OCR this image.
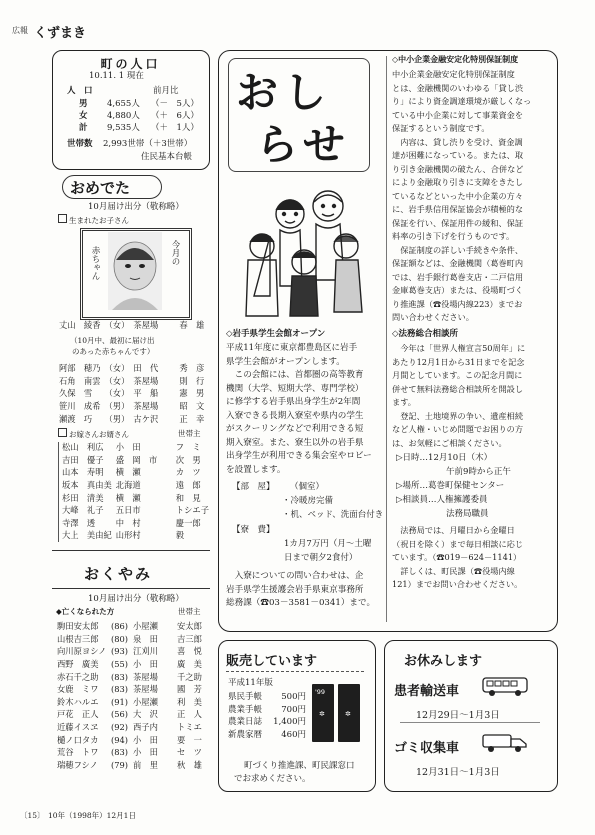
広報 くずまき
町の人口
10.11. 1 現在
前月比
人　口
男	4,655人	（－　5人）
女	4,880人	（＋　6人）
計	9,535人	（＋　1人）
世帯数 2,993世帯（＋3世帯）
住民基本台帳
おめでた
10月届け出分（敬称略）
生まれたお子さん
今月の
赤ちゃん
丈山　綾香	（女）	茶屋場	春　雄
（10月中、最初に届け出
のあった赤ちゃんです）
阿部　穂乃	（女）	田　代	秀　彦
石角　南雲	（女）	茶屋場	則　行
久保　雪	（女）	平　船	憲　男
笹川　成希	（男）	茶屋場	昭　文
瀬渡　巧	（男）	古ケ沢	正　幸
お嫁さんお婿さん	世帯主
松山　利広	小　田	フ　ミ
吉田　優子	盛　岡　市	次　男
山本　寿明	横　瀬	カ　ツ
坂本　真由美	北海道	遠　郎
杉田　清美	横　瀬	和　見
大峰　礼子	五日市	トシエ子
寺澤　透	中　村	慶一郎
大上　美由紀	山形村	毅
おくやみ
10月届け出分（敬称略）
◆亡くなられた方	世帯主
駒田安太郎	(86)	小屋瀬	安太郎
山根吉三郎	(80)	泉　田	吉三郎
向川原ヨシノ	(93)	江刈川	喜　悦
西野　廣美	(55)	小　田	廣　美
赤石千之助	(83)	茶屋場	千之助
女鹿　ミワ	(83)	茶屋場	國　芳
鈴木ハルエ	(91)	小屋瀬	利　美
戸花　正人	(56)	大　沢	正　人
近藤イスヱ	(92)	西子内	トミエ
樋ノ口タカ	(94)	小　田	要　一
荒谷　トワ	(83)	小　田	セ　ツ
瑞穂フシノ	(79)	前　里	秋　雄
おし
らせ
◇岩手県学生会館オープン
平成11年度に東京都豊島区に岩手
県学生会館がオープンします。
　この会館には、首都圏の高等教育
機関（大学、短期大学、専門学校）
に修学する岩手県出身学生が2年間
入寮できる長期入寮室や県内の学生
がスクーリングなどで利用できる短
期入寮室。また、寮生以外の岩手県
出身学生が利用できる集会室やロビー
を設置します。
【部　屋】 （個室）
・冷暖房完備
・机、ベッド、洗面台付き
【寮　費】
1カ月7万円（月～土曜
日まで朝夕2食付）
　入寮についての問い合わせは、企
岩手県学生援護会岩手県東京事務所
総務課（☎03－3581－0341）まで。
◇中小企業金融安定化特別保証制度
中小企業金融安定化特別保証制度
とは、金融機関のいわゆる「貸し渋
り」により資金調達環境が厳しくなっ
ている中小企業に対して事業資金を
保証するという制度です。
　内容は、貸し渋りを受け、資金調
達が困難になっている。または、取
り引き金融機関の破たん、合併など
により金融取り引きに支障をきたし
ているなどといった中小企業の方々
に、岩手県信用保証協会が積極的な
保証を行い、保証用件の緩和、保証
料率の引き下げを行うものです。
　保証制度の詳しい手続きや条件、
保証額などは、金融機関（葛巻町内
では、岩手銀行葛巻支店・二戸信用
金庫葛巻支店）または、役場町づく
り推進課（☎役場内線223）までお
問い合わせください。
◇法務総合相談所
　今年は「世界人権宣言50周年」に
あたり12月1日から31日までを記念
月間としています。この記念月間に
併せて無料法務総合相談所を開設し
ます。
　登記、土地境界の争い、遺産相続
など人権・いじめ問題でお困りの方
は、お気軽にご相談ください。
▷日時…12月10日（木）
午前9時から正午
▷場所…葛巻町保健センター
▷相談員…人権擁護委員
法務局職員
　法務局では、月曜日から金曜日
（祝日を除く）まで毎日相談に応じ
ています。（☎019－624－1141）
　詳しくは、町民課（☎役場内線
121）までお問い合わせください。
販売しています
平成11年版
県民手帳	500円
農業手帳	700円
農業日誌	1,400円
新農家暦	460円
'99
✲	✲
町づくり推進課、町民課窓口
でお求めください。
お休みします
患者輸送車
12月29日～1月3日
ゴミ収集車
12月31日～1月3日
〔15〕 10年（1998年）12月1日
